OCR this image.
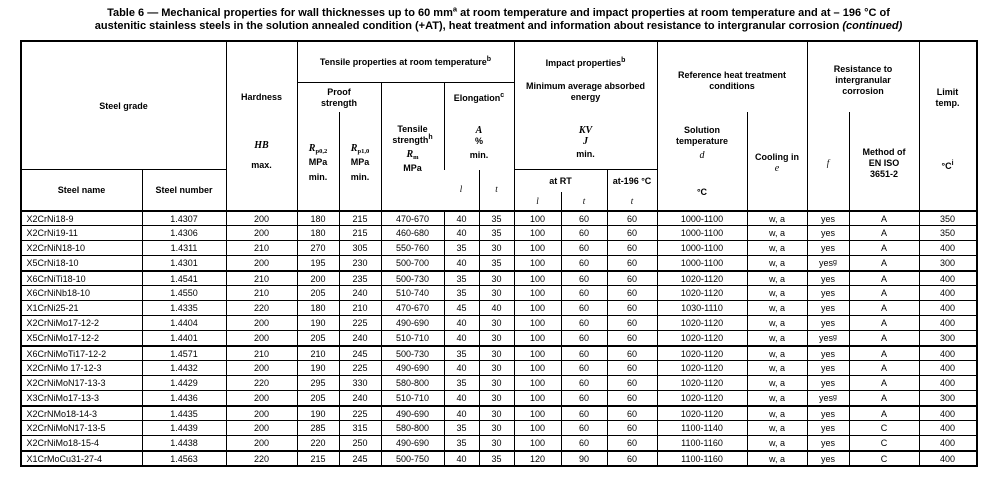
Table 6 — Mechanical properties for wall thicknesses up to 60 $mm^a$ at room temperature and impact properties at room temperature and at – 196 °C of
austenitic stainless steels in the solution annealed condition (+AT), heat treatment and information about resistance to intergranular corrosion (continued)
Steel grade
Steel name	Steel number
Hardness
HB
max.
Tensile properties at room temperature$^b$
Proof strength
$R_{p0,2}$
MPa
min.
$R_{p1,0}$
MPa
min.
Tensile strength$^h$
$R_m$
MPa
Elongation$^c$
A
%
min.
l	t
Impact properties$^b$
Minimum average absorbed energy
KV
J
min.
at RT
l	t
at-196 °C
t
Reference heat treatment conditions
Solution temperature
d
°C
Cooling in
e
Resistance to intergranular corrosion
f
Method of EN ISO 3651-2
Limit temp.
$^\circ C^i$
X2CrNi18-9	1.4307	200	180	215	470-670	40	35	100	60	60	1000-1100	w, a	yes	A	350
X2CrNi19-11	1.4306	200	180	215	460-680	40	35	100	60	60	1000-1100	w, a	yes	A	350
X2CrNiN18-10	1.4311	210	270	305	550-760	35	30	100	60	60	1000-1100	w, a	yes	A	400
X5CrNi18-10	1.4301	200	195	230	500-700	40	35	100	60	60	1000-1100	w, a	yes g	A	300
X6CrNiTi18-10	1.4541	210	200	235	500-730	35	30	100	60	60	1020-1120	w, a	yes	A	400
X6CrNiNb18-10	1.4550	210	205	240	510-740	35	30	100	60	60	1020-1120	w, a	yes	A	400
X1CrNi25-21	1.4335	220	180	210	470-670	45	40	100	60	60	1030-1110	w, a	yes	A	400
X2CrNiMo17-12-2	1.4404	200	190	225	490-690	40	30	100	60	60	1020-1120	w, a	yes	A	400
X5CrNiMo17-12-2	1.4401	200	205	240	510-710	40	30	100	60	60	1020-1120	w, a	yes g	A	300
X6CrNiMoTi17-12-2	1.4571	210	210	245	500-730	35	30	100	60	60	1020-1120	w, a	yes	A	400
X2CrNiMo 17-12-3	1.4432	200	190	225	490-690	40	30	100	60	60	1020-1120	w, a	yes	A	400
X2CrNiMoN17-13-3	1.4429	220	295	330	580-800	35	30	100	60	60	1020-1120	w, a	yes	A	400
X3CrNiMo17-13-3	1.4436	200	205	240	510-710	40	30	100	60	60	1020-1120	w, a	yes g	A	300
X2CrNMo18-14-3	1.4435	200	190	225	490-690	40	30	100	60	60	1020-1120	w, a	yes	A	400
X2CrNiMoN17-13-5	1.4439	200	285	315	580-800	35	30	100	60	60	1100-1140	w, a	yes	C	400
X2CrNiMo18-15-4	1.4438	200	220	250	490-690	35	30	100	60	60	1100-1160	w, a	yes	C	400
X1CrMoCu31-27-4	1.4563	220	215	245	500-750	40	35	120	90	60	1100-1160	w, a	yes	C	400
